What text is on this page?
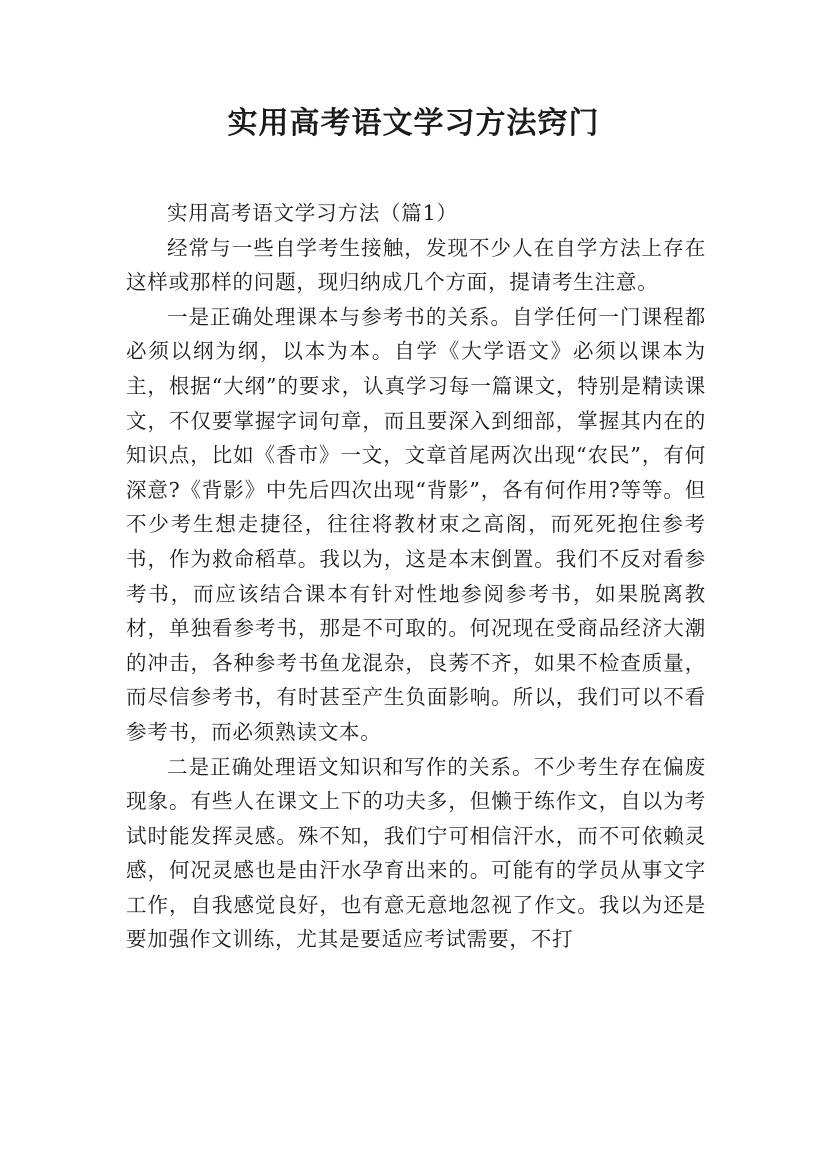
实用高考语文学习方法窍门

实用高考语文学习方法（篇1）

经常与一些自学考生接触，发现不少人在自学方法上存在这样或那样的问题，现归纳成几个方面，提请考生注意。

一是正确处理课本与参考书的关系。自学任何一门课程都必须以纲为纲，以本为本。自学《大学语文》必须以课本为主，根据“大纲”的要求，认真学习每一篇课文，特别是精读课文，不仅要掌握字词句章，而且要深入到细部，掌握其内在的知识点，比如《香市》一文，文章首尾两次出现“农民”，有何深意?《背影》中先后四次出现“背影”，各有何作用?等等。但不少考生想走捷径，往往将教材束之高阁，而死死抱住参考书，作为救命稻草。我以为，这是本末倒置。我们不反对看参考书，而应该结合课本有针对性地参阅参考书，如果脱离教材，单独看参考书，那是不可取的。何况现在受商品经济大潮的冲击，各种参考书鱼龙混杂，良莠不齐，如果不检查质量，而尽信参考书，有时甚至产生负面影响。所以，我们可以不看参考书，而必须熟读文本。

二是正确处理语文知识和写作的关系。不少考生存在偏废现象。有些人在课文上下的功夫多，但懒于练作文，自以为考试时能发挥灵感。殊不知，我们宁可相信汗水，而不可依赖灵感，何况灵感也是由汗水孕育出来的。可能有的学员从事文字工作，自我感觉良好，也有意无意地忽视了作文。我以为还是要加强作文训练，尤其是要适应考试需要，不打
